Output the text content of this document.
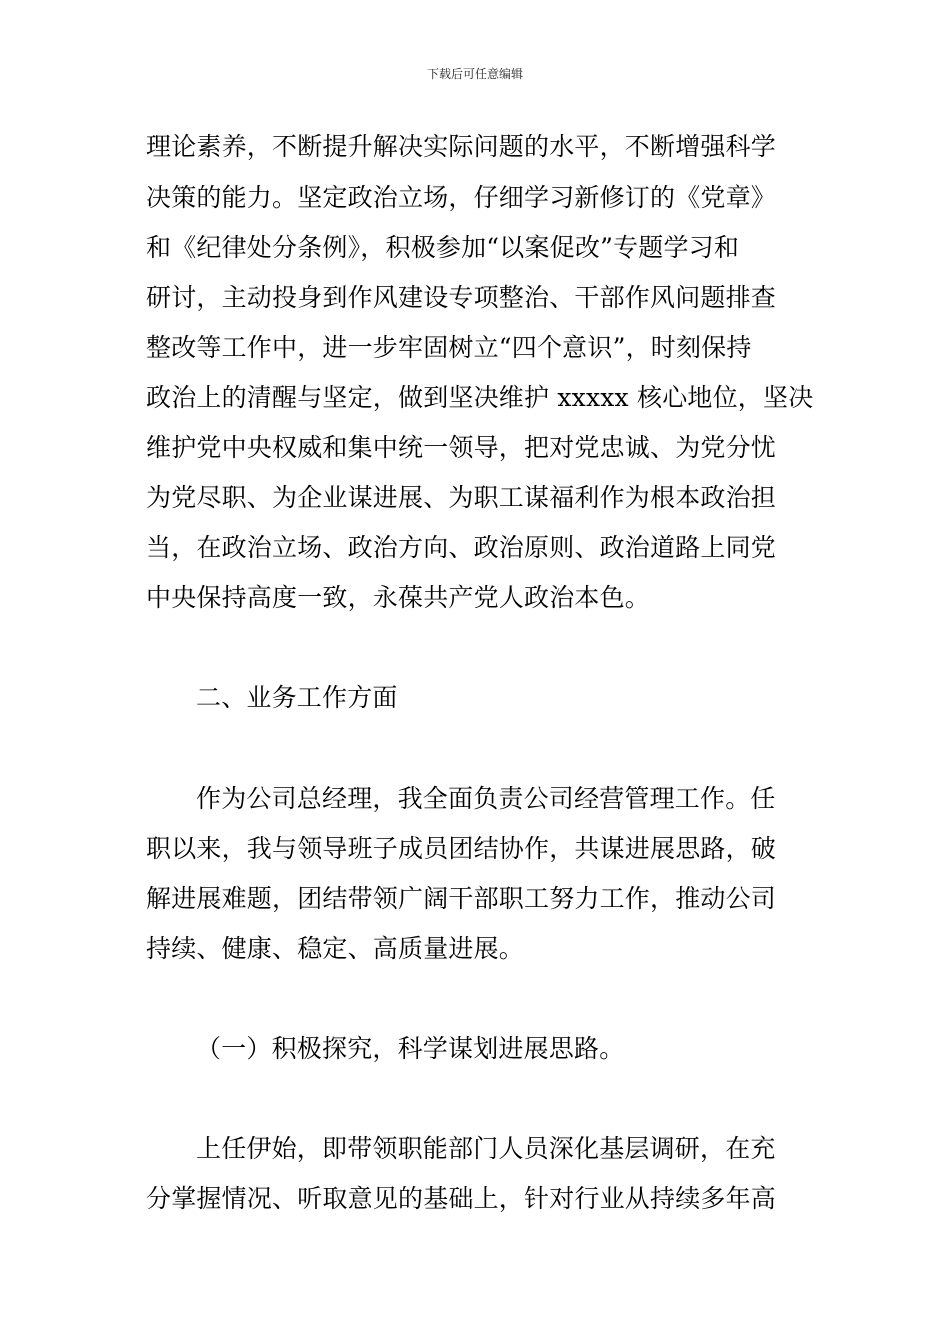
下载后可任意编辑
理论素养，不断提升解决实际问题的水平，不断增强科学
决策的能力。坚定政治立场，仔细学习新修订的《党章》
和《纪律处分条例》，积极参加“以案促改”专题学习和
研讨，主动投身到作风建设专项整治、干部作风问题排查
整改等工作中，进一步牢固树立“四个意识”，时刻保持
政治上的清醒与坚定，做到坚决维护 xxxxx 核心地位，坚决
维护党中央权威和集中统一领导，把对党忠诚、为党分忧
为党尽职、为企业谋进展、为职工谋福利作为根本政治担
当，在政治立场、政治方向、政治原则、政治道路上同党
中央保持高度一致，永葆共产党人政治本色。
二、业务工作方面
作为公司总经理，我全面负责公司经营管理工作。任
职以来，我与领导班子成员团结协作，共谋进展思路，破
解进展难题，团结带领广阔干部职工努力工作，推动公司
持续、健康、稳定、高质量进展。
（一）积极探究，科学谋划进展思路。
上任伊始，即带领职能部门人员深化基层调研，在充
分掌握情况、听取意见的基础上，针对行业从持续多年高
